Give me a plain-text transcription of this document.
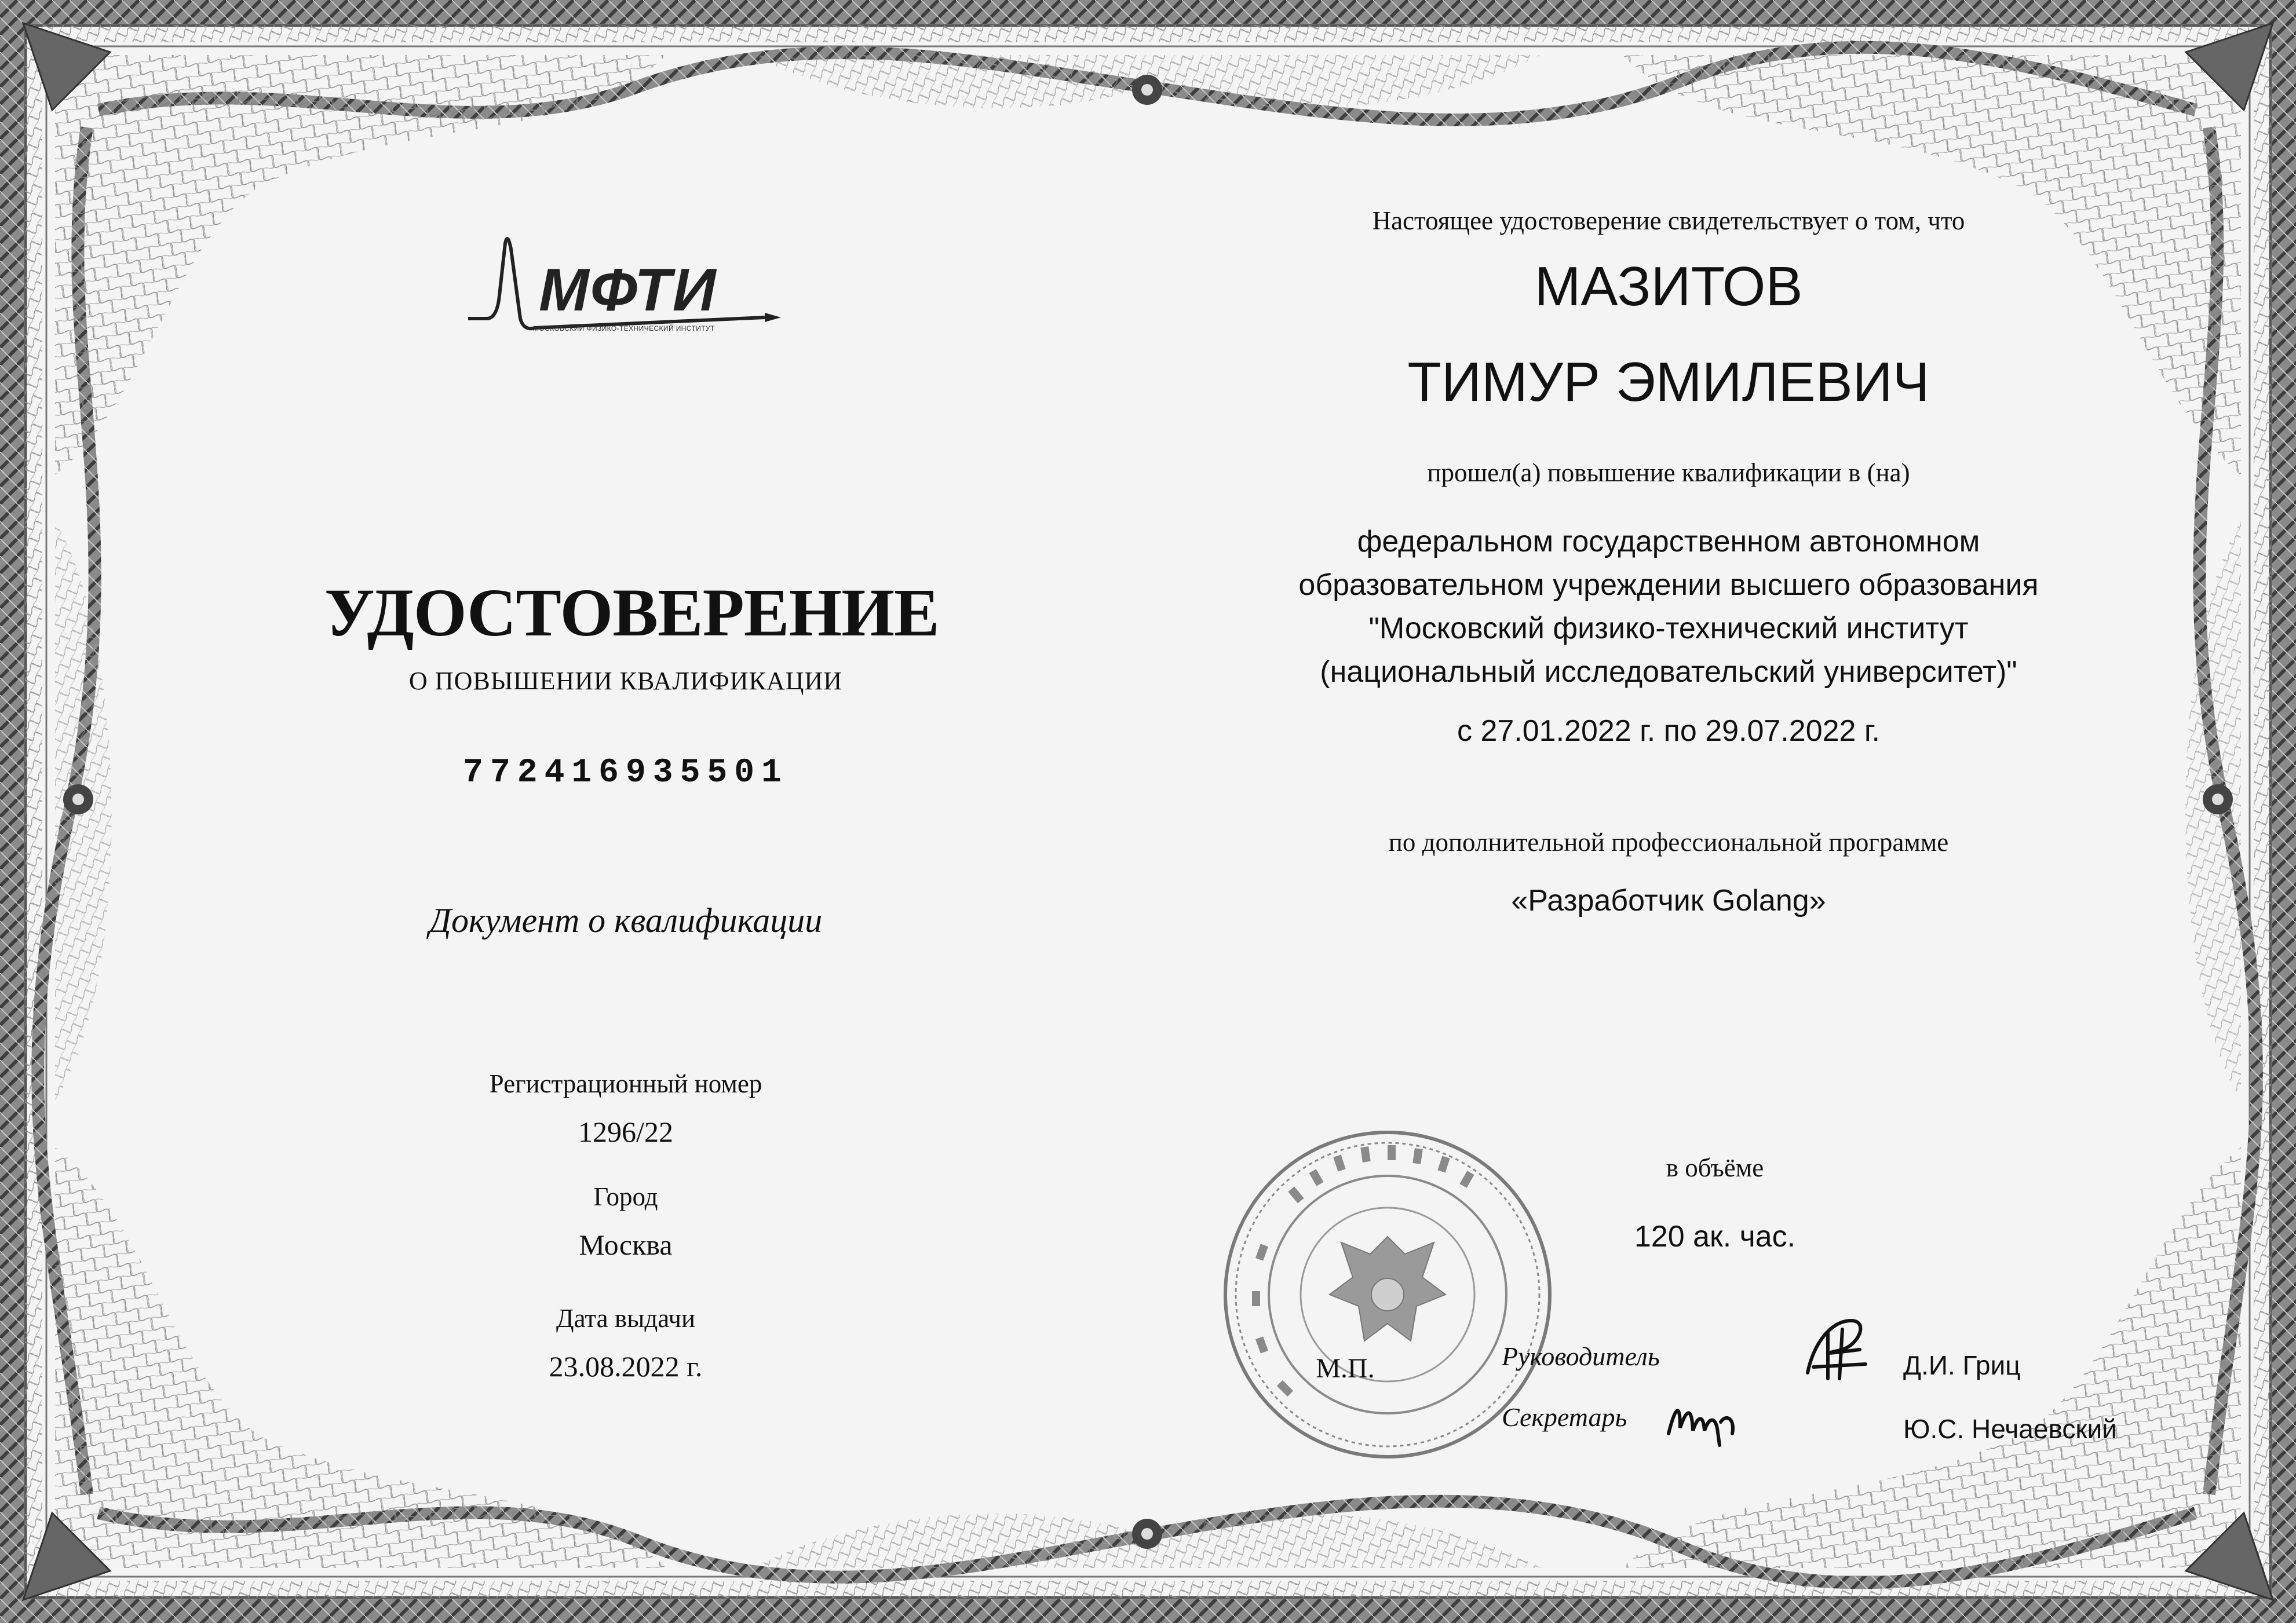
МФТИ
МОСКОВСКИЙ ФИЗИКО-ТЕХНИЧЕСКИЙ ИНСТИТУТ
УДОСТОВЕРЕНИЕ
О ПОВЫШЕНИИ КВАЛИФИКАЦИИ
772416935501
Документ о квалификации
Регистрационный номер
1296/22
Город
Москва
Дата выдачи
23.08.2022 г.
Настоящее удостоверение свидетельствует о том, что
МАЗИТОВ
ТИМУР ЭМИЛЕВИЧ
прошел(а) повышение квалификации в (на)
федеральном государственном автономном
образовательном учреждении высшего образования
"Московский физико-технический институт
(национальный исследовательский университет)"
с 27.01.2022 г. по 29.07.2022 г.
по дополнительной профессиональной программе
«Разработчик Golang»
в объёме
120 ак. час.
М.П.	Руководитель
Секретарь
Д.И. Гриц
Ю.С. Нечаевский
